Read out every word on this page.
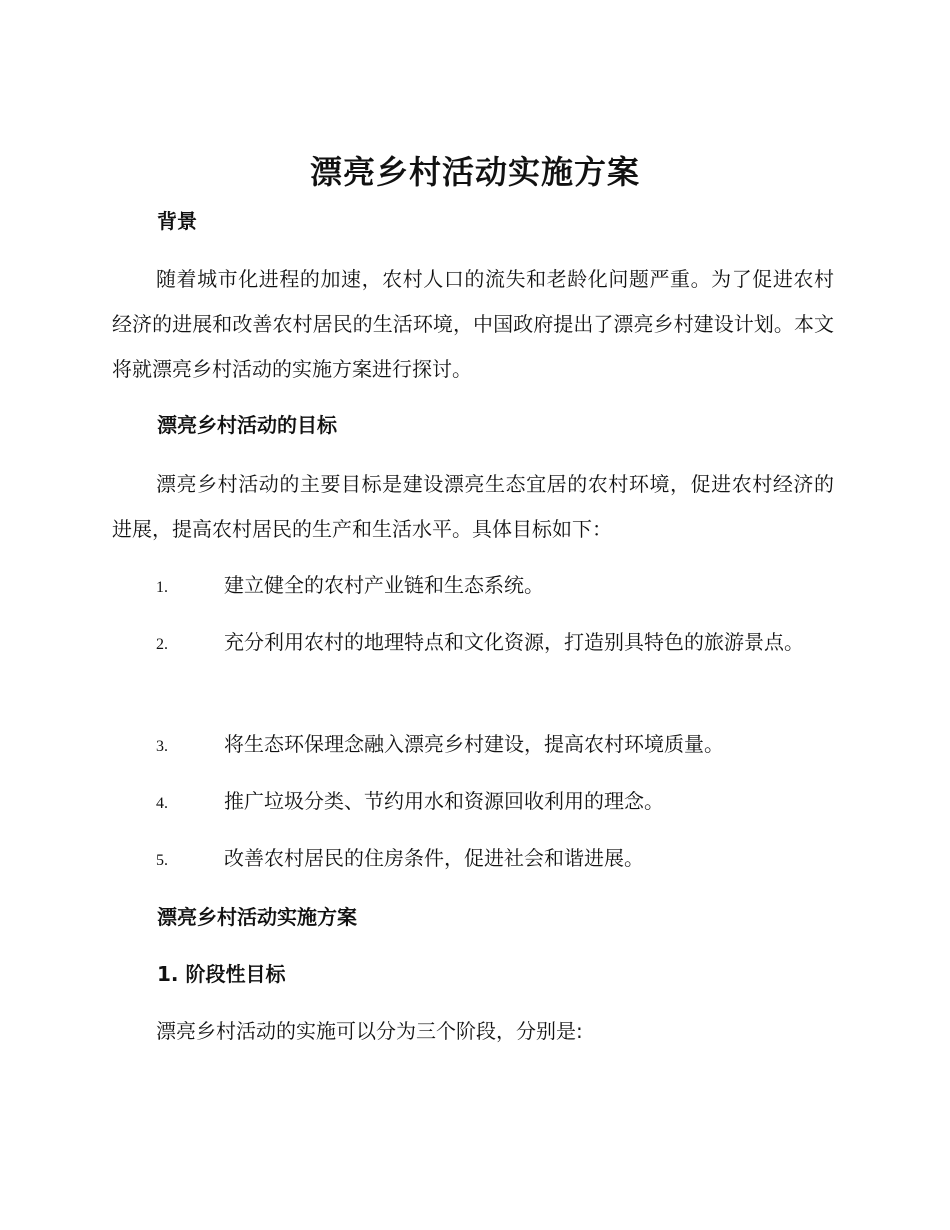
漂亮乡村活动实施方案
背景

随着城市化进程的加速，农村人口的流失和老龄化问题严重。为了促进农村经济的进展和改善农村居民的生活环境，中国政府提出了漂亮乡村建设计划。本文将就漂亮乡村活动的实施方案进行探讨。

漂亮乡村活动的目标

漂亮乡村活动的主要目标是建设漂亮生态宜居的农村环境，促进农村经济的进展，提高农村居民的生产和生活水平。具体目标如下：

1.	建立健全的农村产业链和生态系统。
2.	充分利用农村的地理特点和文化资源，打造别具特色的旅游景点。
3.	将生态环保理念融入漂亮乡村建设，提高农村环境质量。
4.	推广垃圾分类、节约用水和资源回收利用的理念。
5.	改善农村居民的住房条件，促进社会和谐进展。
漂亮乡村活动实施方案
1. 阶段性目标

漂亮乡村活动的实施可以分为三个阶段，分别是:
